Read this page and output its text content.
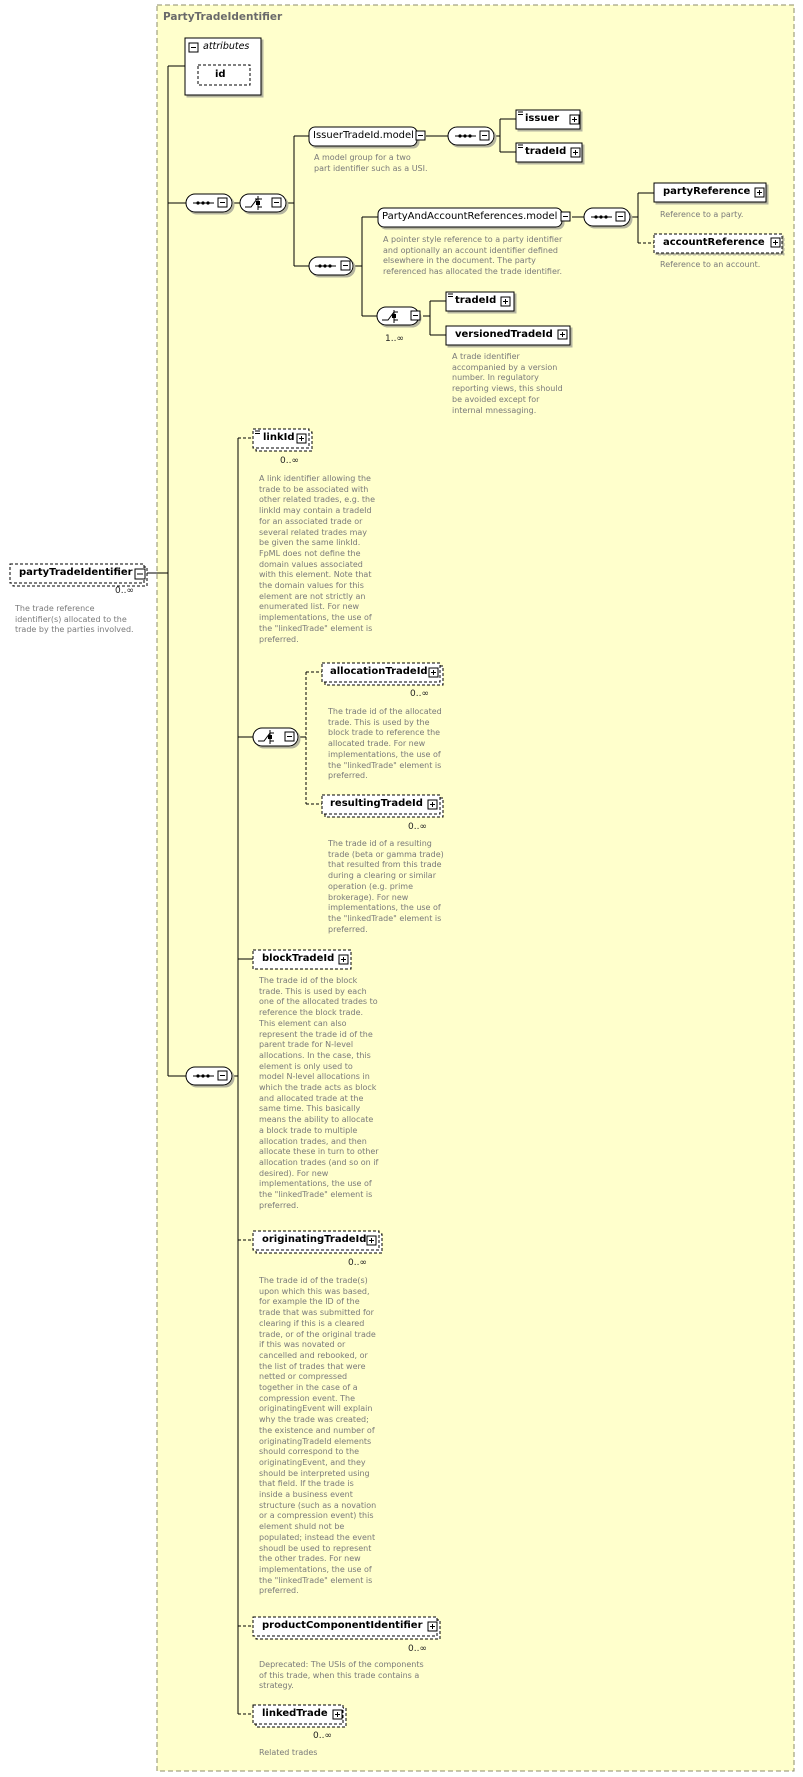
PartyTradeIdentifier
attributes
id
partyTradeIdentifier
0..∞
The trade reference
identifier(s) allocated to the
trade by the parties involved.
IssuerTradeId.model
A model group for a two
part identifier such as a USI.
issuer
tradeId
PartyAndAccountReferences.model
A pointer style reference to a party identifier
and optionally an account identifier defined
elsewhere in the document. The party
referenced has allocated the trade identifier.
partyReference
Reference to a party.
accountReference
Reference to an account.
1..∞
tradeId
versionedTradeId
A trade identifier
accompanied by a version
number. In regulatory
reporting views, this should
be avoided except for
internal mnessaging.
linkId
0..∞
A link identifier allowing the
trade to be associated with
other related trades, e.g. the
linkId may contain a tradeId
for an associated trade or
several related trades may
be given the same linkId.
FpML does not define the
domain values associated
with this element. Note that
the domain values for this
element are not strictly an
enumerated list. For new
implementations, the use of
the "linkedTrade" element is
preferred.
allocationTradeId
0..∞
The trade id of the allocated
trade. This is used by the
block trade to reference the
allocated trade. For new
implementations, the use of
the "linkedTrade" element is
preferred.
resultingTradeId
0..∞
The trade id of a resulting
trade (beta or gamma trade)
that resulted from this trade
during a clearing or similar
operation (e.g. prime
brokerage). For new
implementations, the use of
the "linkedTrade" element is
preferred.
blockTradeId
The trade id of the block
trade. This is used by each
one of the allocated trades to
reference the block trade.
This element can also
represent the trade id of the
parent trade for N-level
allocations. In the case, this
element is only used to
model N-level allocations in
which the trade acts as block
and allocated trade at the
same time. This basically
means the ability to allocate
a block trade to multiple
allocation trades, and then
allocate these in turn to other
allocation trades (and so on if
desired). For new
implementations, the use of
the "linkedTrade" element is
preferred.
originatingTradeId
0..∞
The trade id of the trade(s)
upon which this was based,
for example the ID of the
trade that was submitted for
clearing if this is a cleared
trade, or of the original trade
if this was novated or
cancelled and rebooked, or
the list of trades that were
netted or compressed
together in the case of a
compression event. The
originatingEvent will explain
why the trade was created;
the existence and number of
originatingTradeId elements
should correspond to the
originatingEvent, and they
should be interpreted using
that field. If the trade is
inside a business event
structure (such as a novation
or a compression event) this
element shuld not be
populated; instead the event
shoudl be used to represent
the other trades. For new
implementations, the use of
the "linkedTrade" element is
preferred.
productComponentIdentifier
0..∞
Deprecated: The USIs of the components
of this trade, when this trade contains a
strategy.
linkedTrade
0..∞
Related trades
